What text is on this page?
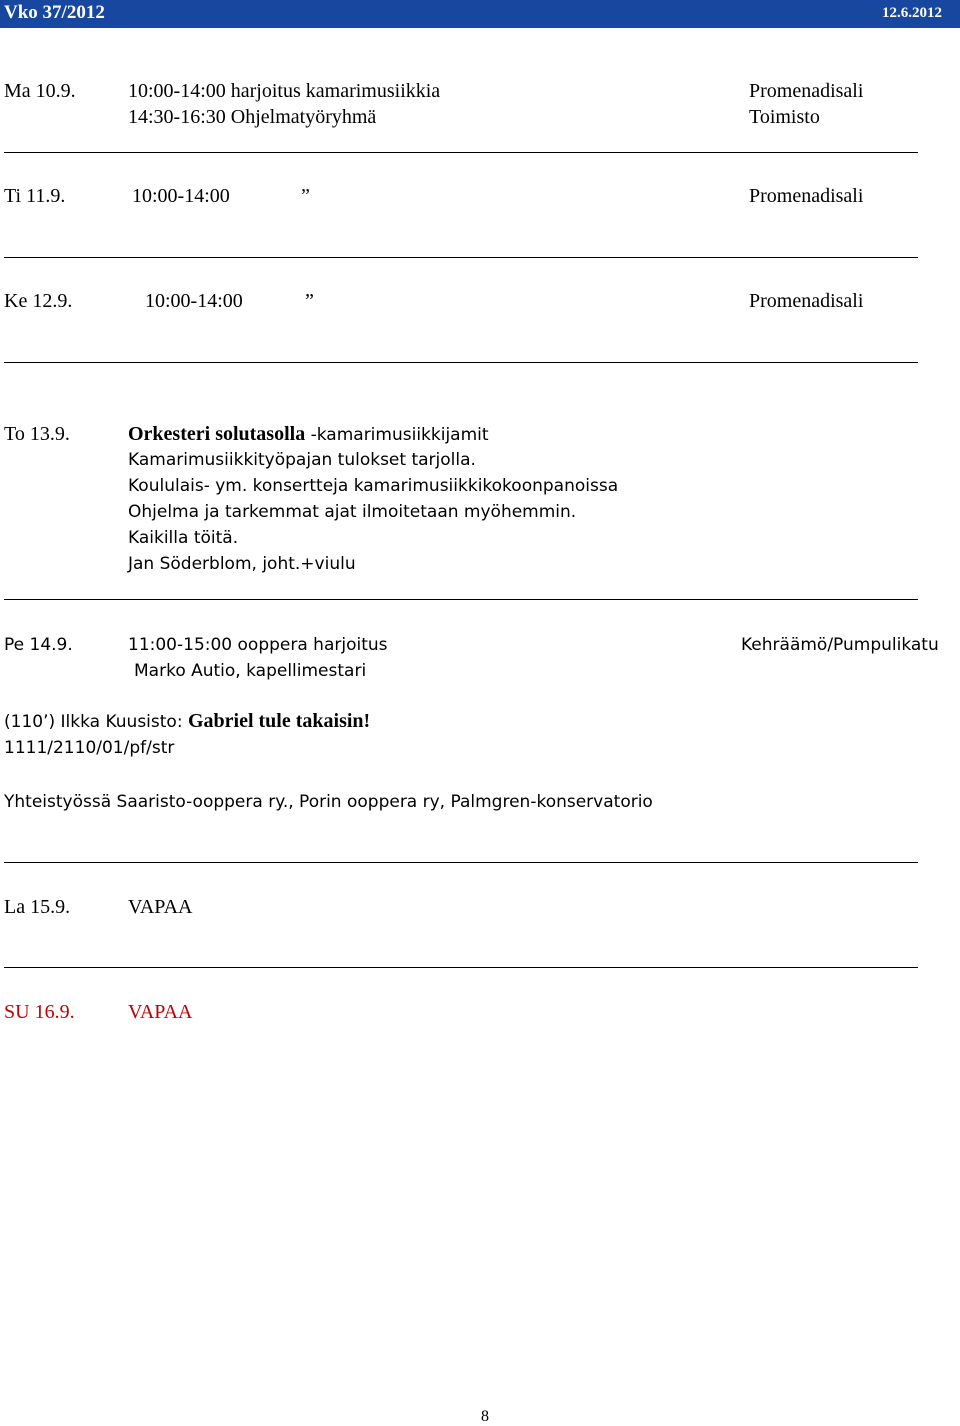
Vko 37/2012	12.6.2012
Ma 10.9.	10:00-14:00 harjoitus kamarimusiikkia	Promenadisali
14:30-16:30 Ohjelmatyöryhmä	Toimisto
Ti 11.9.	10:00-14:00	”	Promenadisali
Ke 12.9.	10:00-14:00	”	Promenadisali
To 13.9.	Orkesteri solutasolla -kamarimusiikkijamit
Kamarimusiikkityöpajan tulokset tarjolla.
Koululais- ym. konsertteja kamarimusiikkikokoonpanoissa
Ohjelma ja tarkemmat ajat ilmoitetaan myöhemmin.
Kaikilla töitä.
Jan Söderblom, joht.+viulu
Pe 14.9.	11:00-15:00 ooppera harjoitus	Kehräämö/Pumpulikatu
Marko Autio, kapellimestari
(110’) Ilkka Kuusisto: Gabriel tule takaisin!
1111/2110/01/pf/str
Yhteistyössä Saaristo-ooppera ry., Porin ooppera ry, Palmgren-konservatorio
La 15.9.	VAPAA
SU 16.9.	VAPAA
8
